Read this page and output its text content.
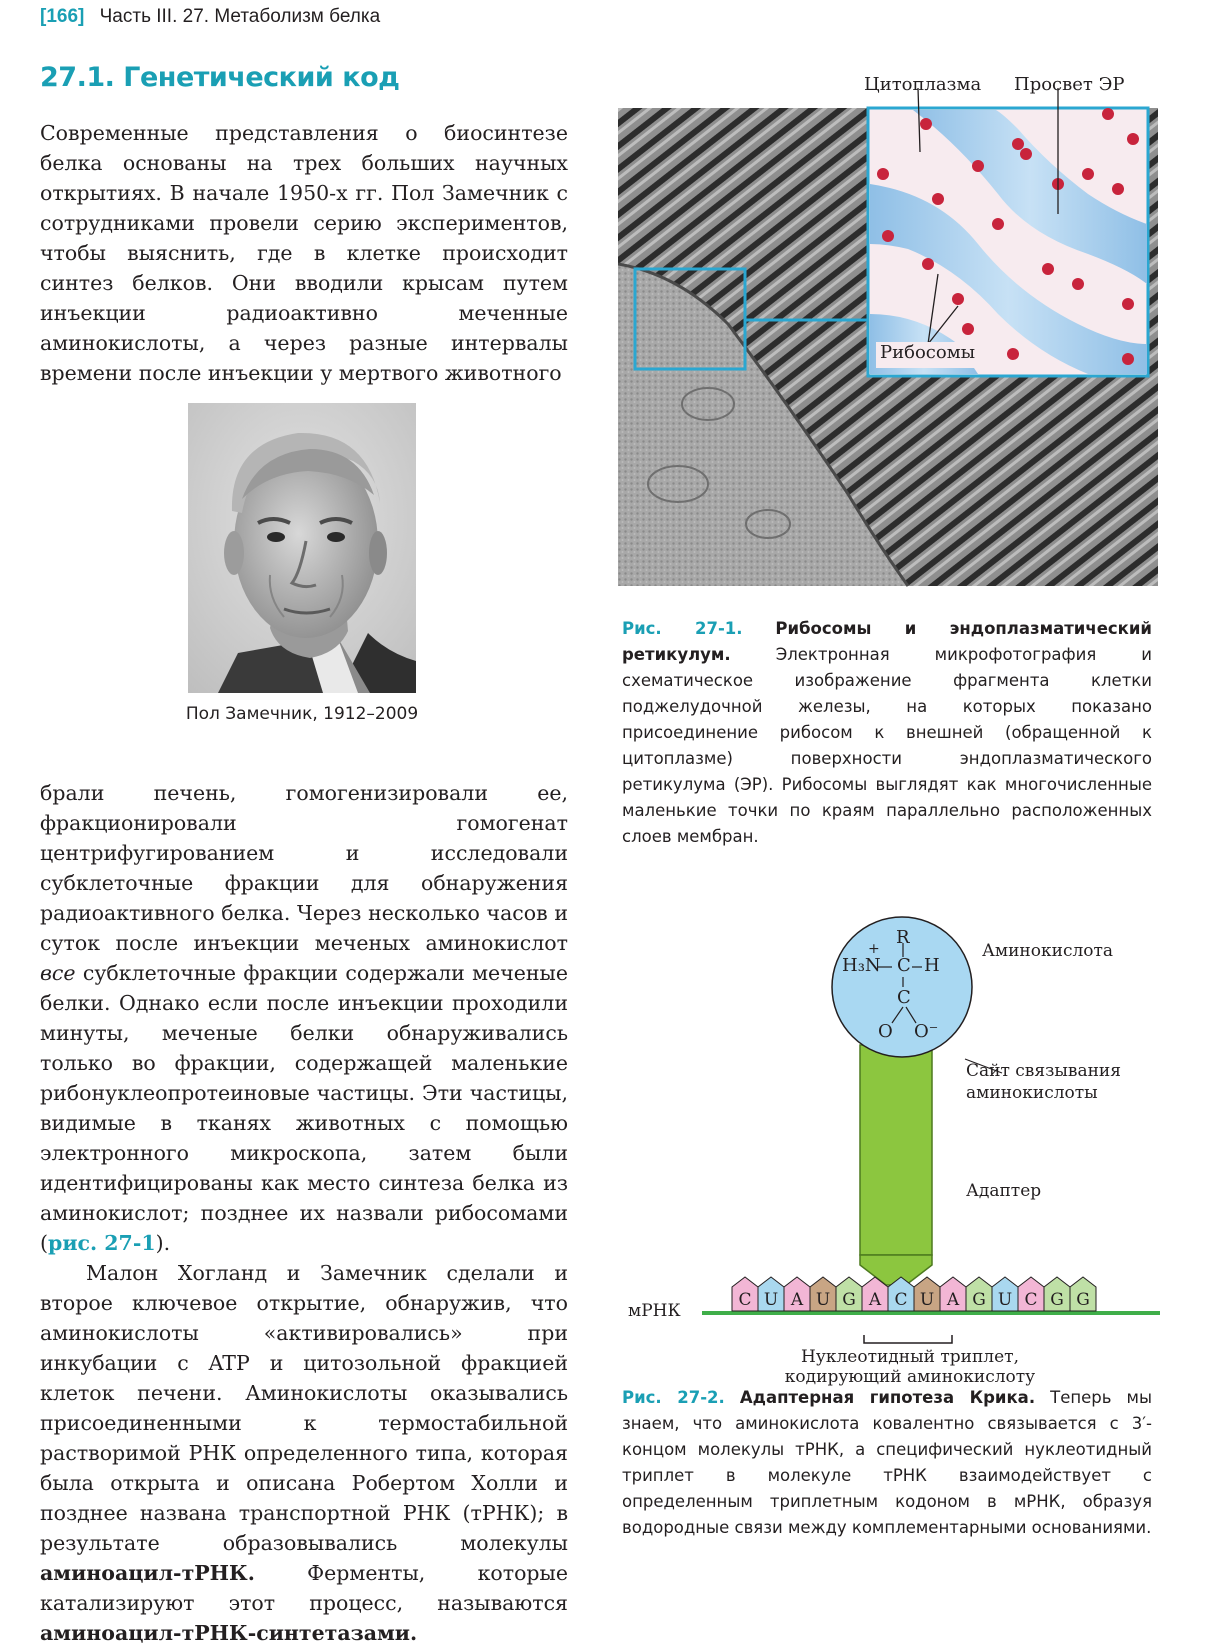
[166] Часть III. 27. Метаболизм белка
27.1. Генетический код

Современные представления о биосинтезе белка основаны на трех больших научных открытиях. В начале 1950-х гг. Пол Замечник с сотрудниками провели серию экспериментов, чтобы выяснить, где в клетке происходит синтез белков. Они вводили крысам путем инъекции радиоактивно меченные аминокислоты, а через разные интервалы времени после инъекции у мертвого животного

Пол Замечник, 1912–2009

брали печень, гомогенизировали ее, фракционировали гомогенат центрифугированием и исследовали субклеточные фракции для обнаружения радиоактивного белка. Через несколько часов и суток после инъекции меченых аминокислот все субклеточные фракции содержали меченые белки. Однако если после инъекции проходили минуты, меченые белки обнаруживались только во фракции, содержащей маленькие рибонуклеопротеиновые частицы. Эти частицы, видимые в тканях животных с помощью электронного микроскопа, затем были идентифицированы как место синтеза белка из аминокислот; позднее их назвали рибосомами (рис. 27-1).

Малон Хогланд и Замечник сделали и второе ключевое открытие, обнаружив, что аминокислоты «активировались» при инкубации с ATP и цитозольной фракцией клеток печени. Аминокислоты оказывались присоединенными к термостабильной растворимой РНК определенного типа, которая была открыта и описана Робертом Холли и позднее названа транспортной РНК (тРНК); в результате образовывались молекулы аминоацил-тРНК. Ферменты, которые катализируют этот процесс, называются аминоацил-тРНК-синтетазами.

Цитоплазма Просвет ЭР
Рибосомы
Рис. 27-1. Рибосомы и эндоплазматический ретикулум.	Электронная микрофотография и схематическое изображение фрагмента клетки поджелудочной железы, на которых показано присоединение рибосом к внешней (обращенной к цитоплазме) поверхности эндоплазматического ретикулума (ЭР). Рибосомы выглядят как многочисленные маленькие точки по краям параллельно расположенных слоев мембран.
C U A U G A C U A G U C G G
R
+
H₃N C H
C
O O⁻
Аминокислота
Сайт связывания
аминокислоты
Адаптер
мРНК
Нуклеотидный триплет,
кодирующий аминокислоту
Рис. 27-2. Адаптерная гипотеза Крика. Теперь мы знаем, что аминокислота ковалентно связывается с 3′-концом молекулы тРНК, а специфический нуклеотидный триплет в молекуле тРНК взаимодействует с определенным триплетным кодоном в мРНК, образуя водородные связи между комплементарными основаниями.
